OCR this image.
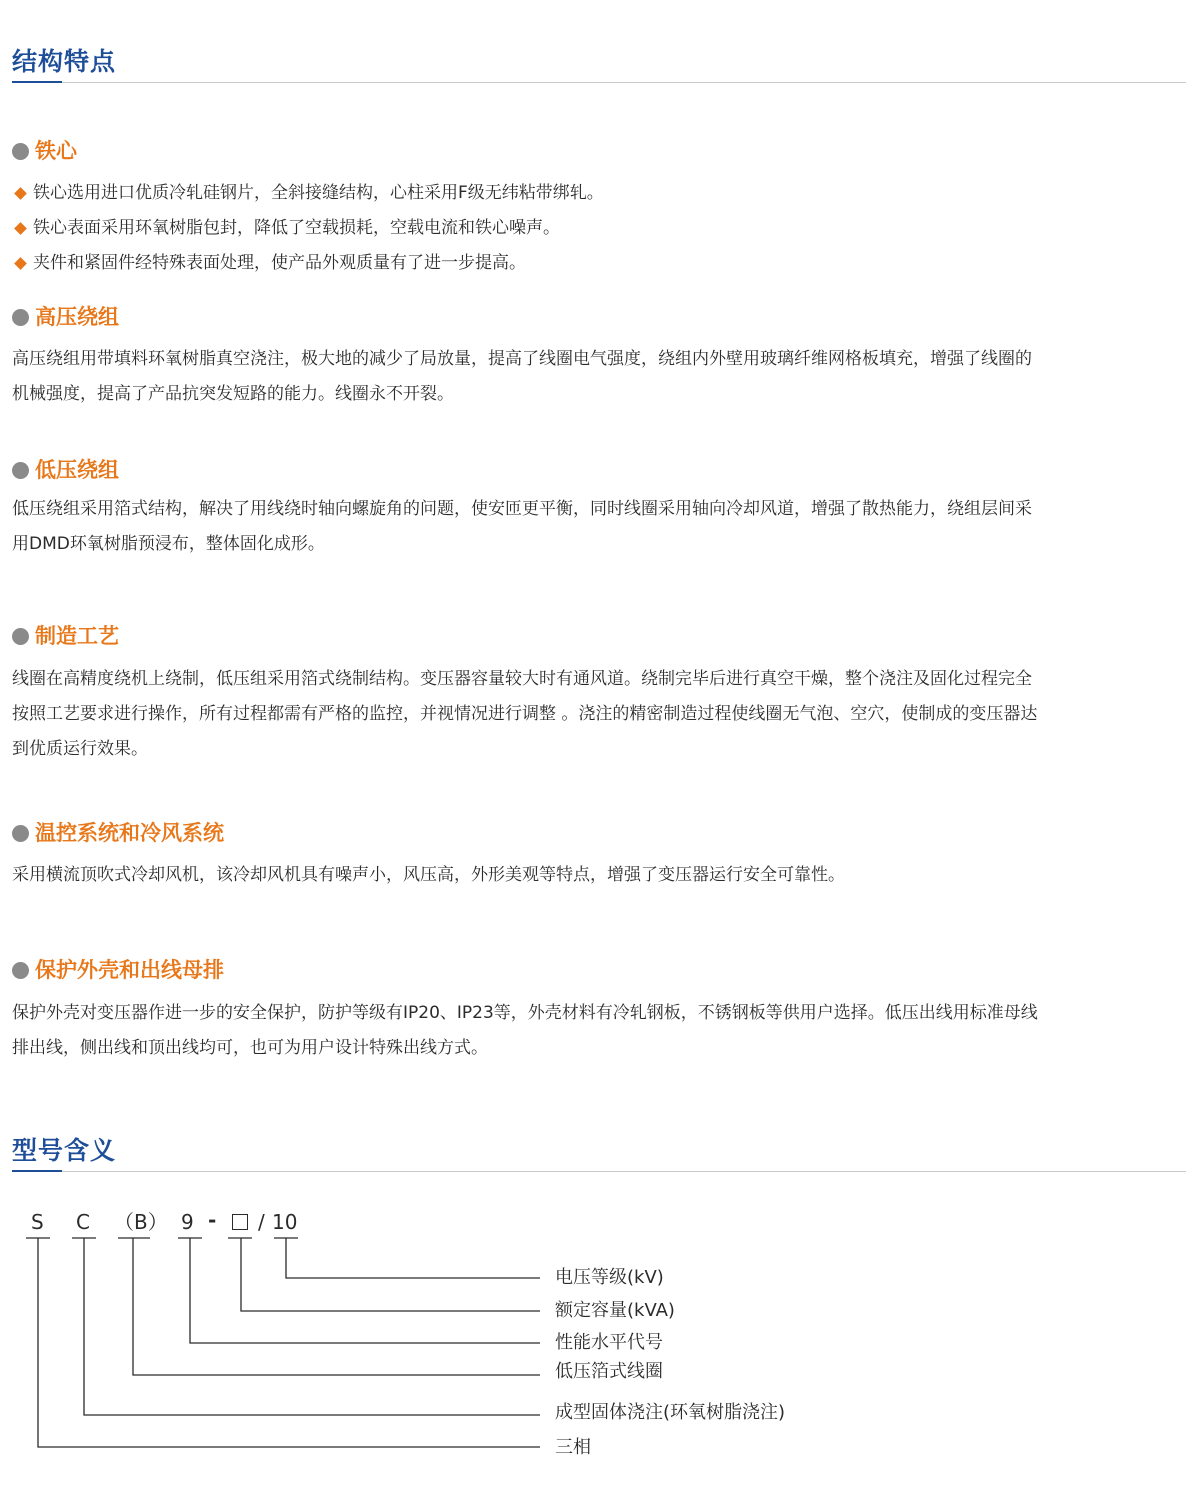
结构特点
铁心
铁心选用进口优质冷轧硅钢片，全斜接缝结构，心柱采用F级无纬粘带绑轧。
铁心表面采用环氧树脂包封，降低了空载损耗，空载电流和铁心噪声。
夹件和紧固件经特殊表面处理，使产品外观质量有了进一步提高。
高压绕组

高压绕组用带填料环氧树脂真空浇注，极大地的减少了局放量，提高了线圈电气强度，绕组内外壁用玻璃纤维网格板填充，增强了线圈的
机械强度，提高了产品抗突发短路的能力。线圈永不开裂。

低压绕组

低压绕组采用箔式结构，解决了用线绕时轴向螺旋角的问题，使安匝更平衡，同时线圈采用轴向冷却风道，增强了散热能力，绕组层间采
用DMD环氧树脂预浸布，整体固化成形。

制造工艺

线圈在高精度绕机上绕制，低压组采用箔式绕制结构。变压器容量较大时有通风道。绕制完毕后进行真空干燥，整个浇注及固化过程完全
按照工艺要求进行操作，所有过程都需有严格的监控，并视情况进行调整 。浇注的精密制造过程使线圈无气泡、空穴，使制成的变压器达
到优质运行效果。

温控系统和冷风系统

采用横流顶吹式冷却风机，该冷却风机具有噪声小，风压高，外形美观等特点，增强了变压器运行安全可靠性。

保护外壳和出线母排

保护外壳对变压器作进一步的安全保护，防护等级有IP20、IP23等，外壳材料有冷轧钢板，不锈钢板等供用户选择。低压出线用标准母线
排出线，侧出线和顶出线均可，也可为用户设计特殊出线方式。

型号含义
S C （B） 9 - / 10
电压等级(kV)
额定容量(kVA)
性能水平代号
低压箔式线圈
成型固体浇注(环氧树脂浇注)
三相
